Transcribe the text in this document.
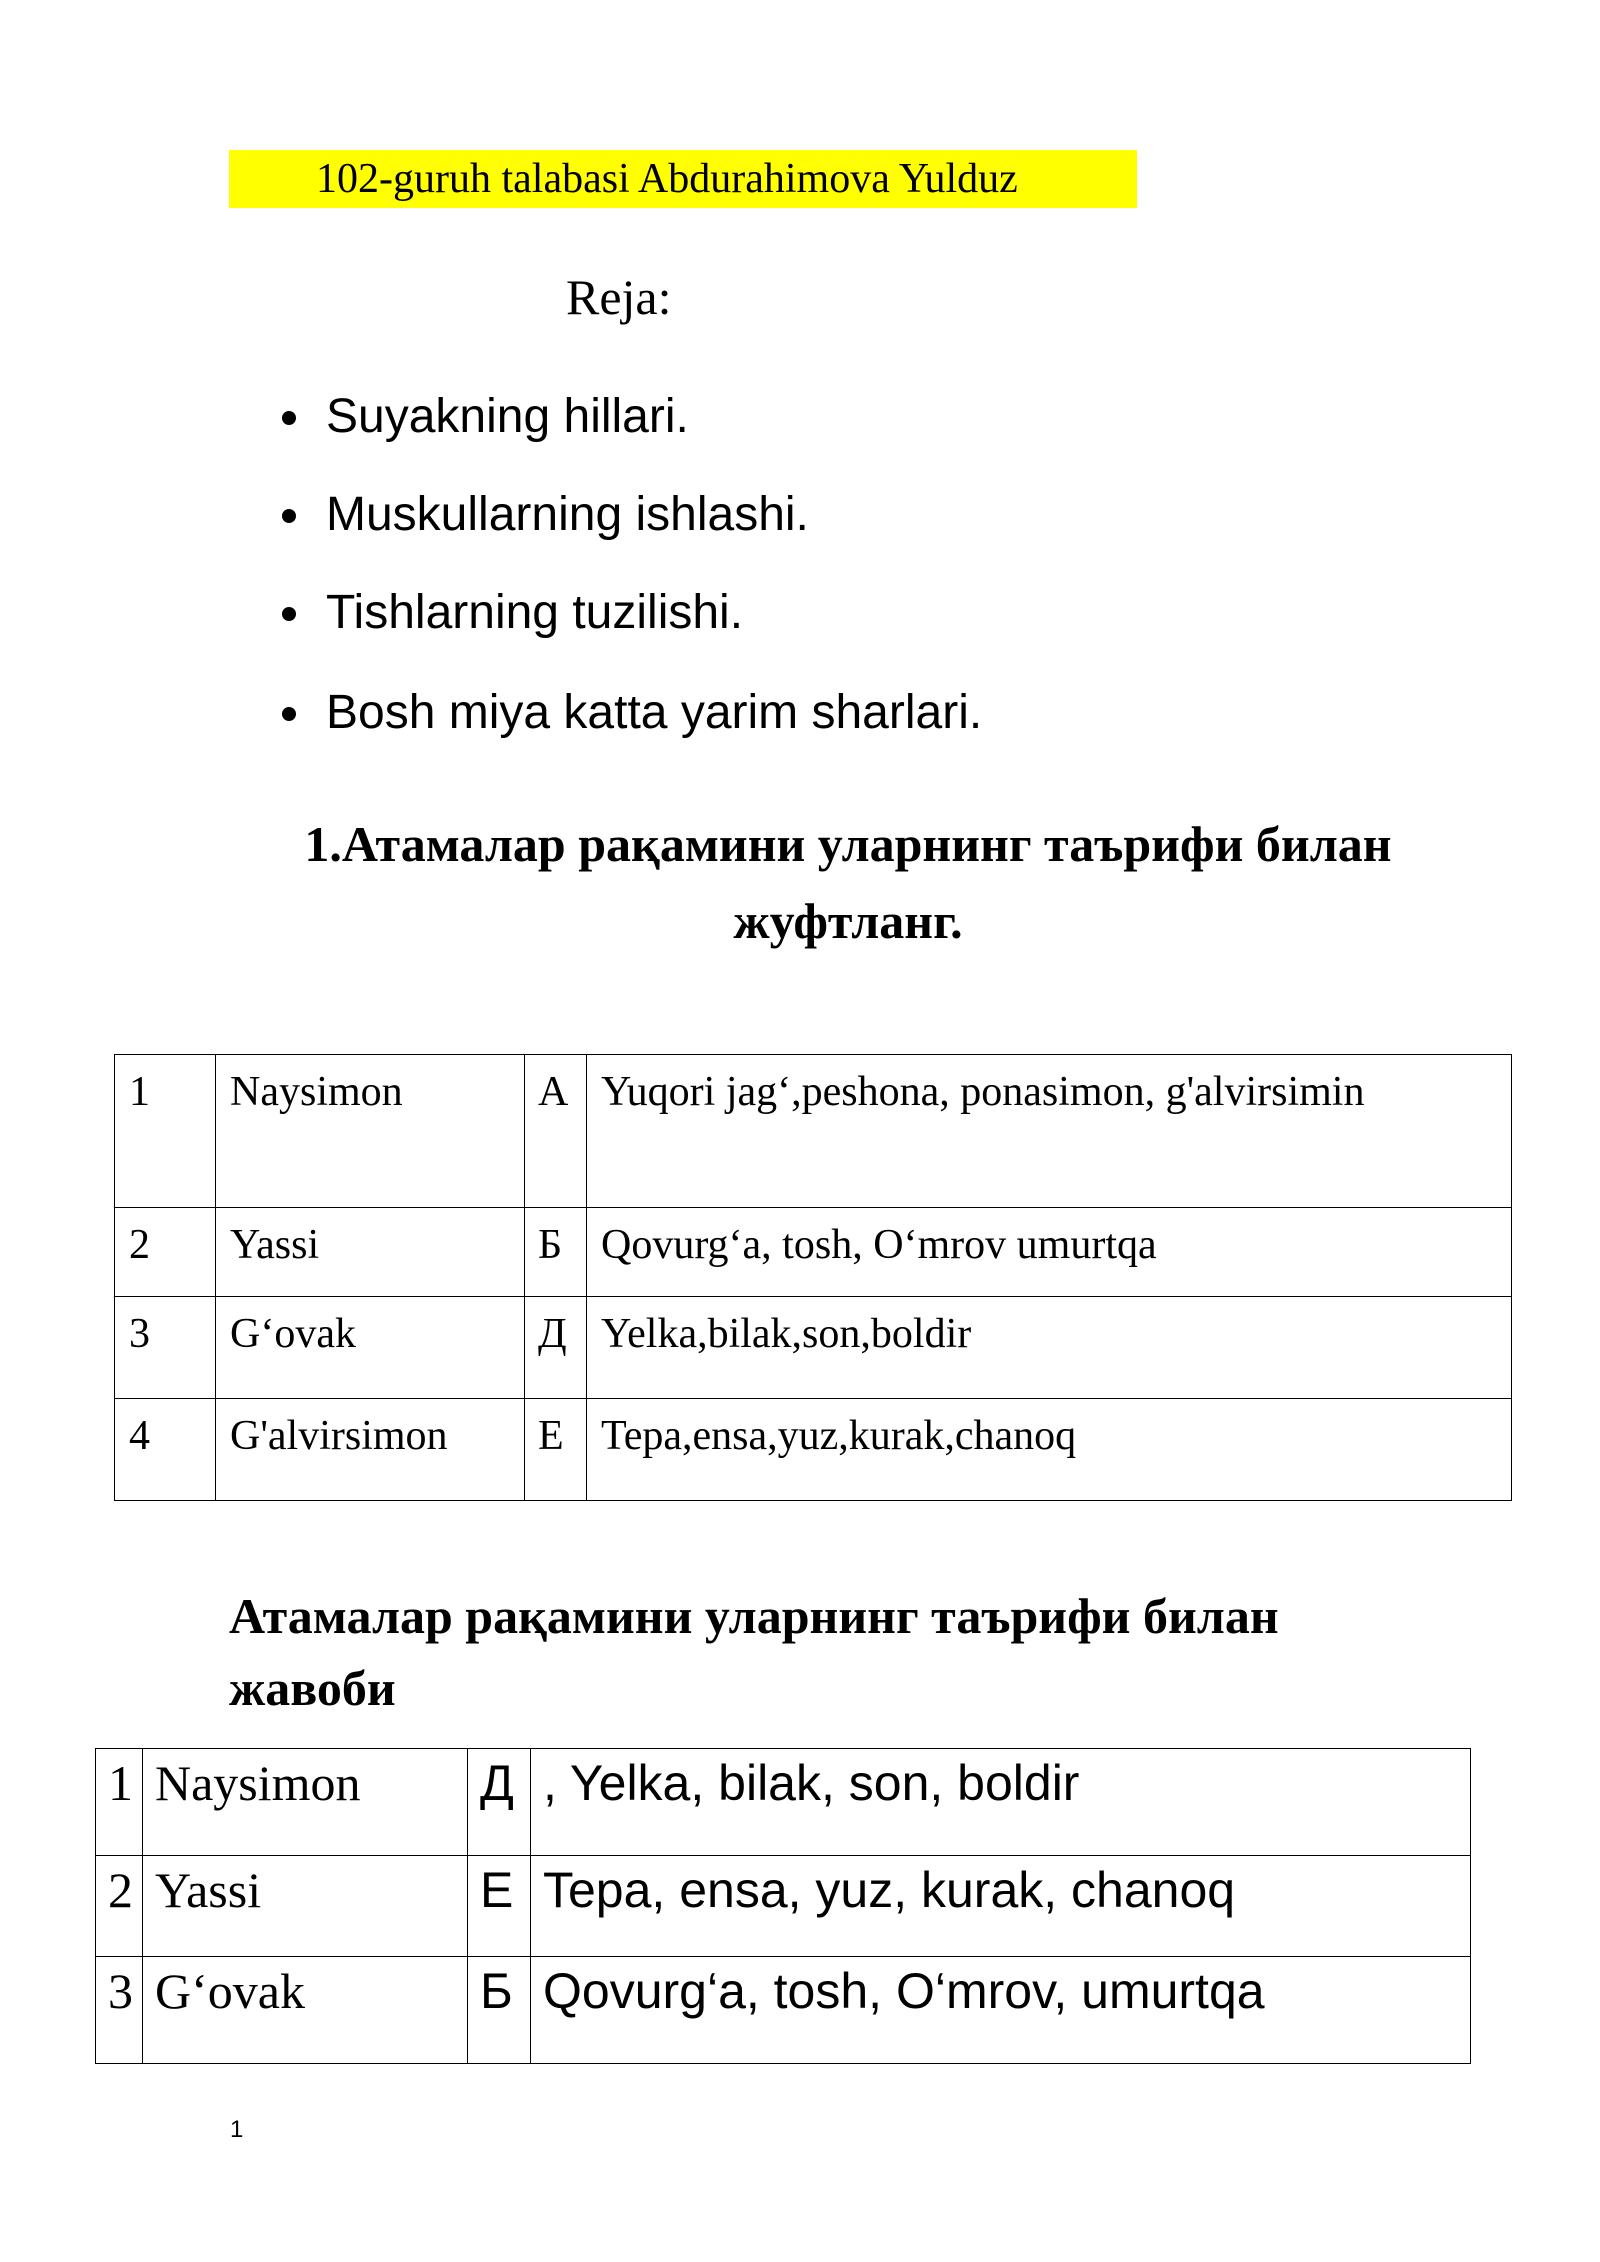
102-guruh talabasi Abdurahimova Yulduz
Reja:
Suyakning hillari.
Muskullarning ishlashi.
Tishlarning tuzilishi.
Bosh miya katta yarim sharlari.
1.Атамалар рақамини уларнинг таърифи билан
жуфтланг.
1	Naysimon	А	Yuqori jag‘,peshona, ponasimon, g'alvirsimin
2	Yassi	Б	Qovurg‘a, tosh, O‘mrov umurtqa
3	G‘ovak	Д	Yelka,bilak,son,boldir
4	G'alvirsimon	Е	Tepa,ensa,yuz,kurak,chanoq
Атамалар рақамини уларнинг таърифи билан
жавоби
1	Naysimon	Д	, Yelka, bilak, son, boldir
2	Yassi	Е	Tepa, ensa, yuz, kurak, chanoq
3	G‘ovak	Б	Qovurg‘a, tosh, O‘mrov, umurtqa
1
